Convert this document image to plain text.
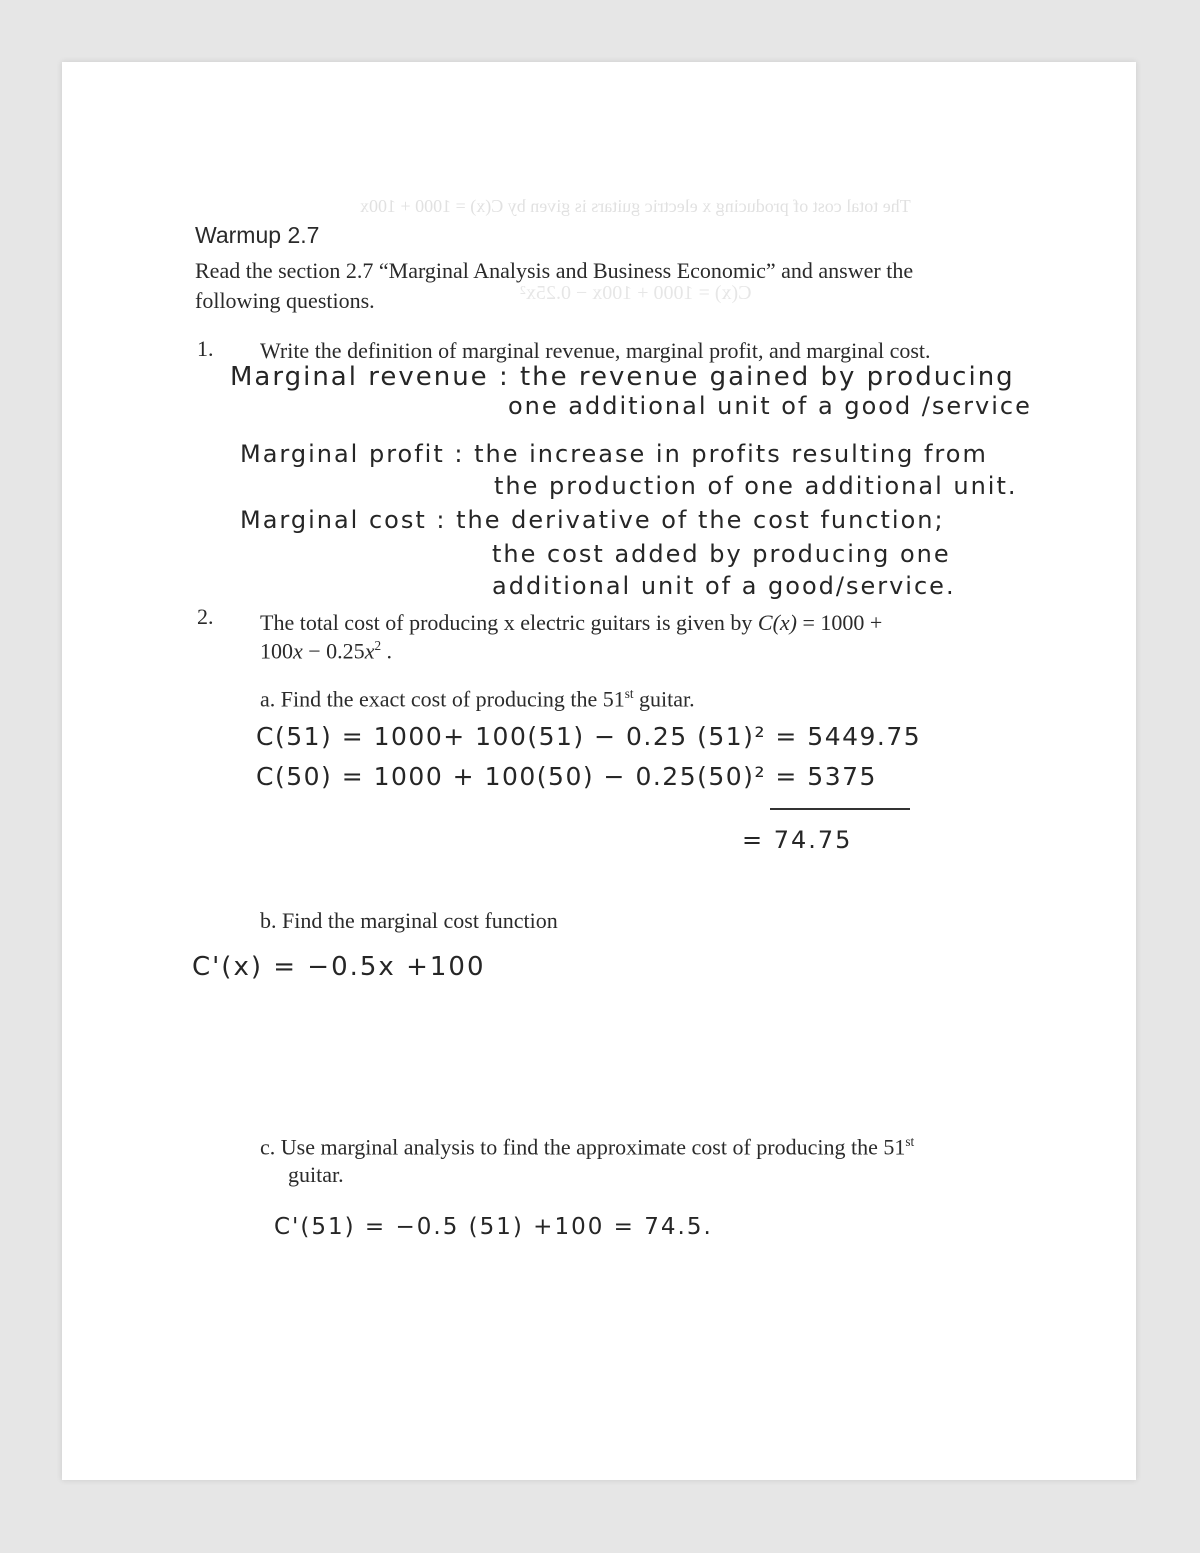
The total cost of producing x electric guitars is given by C(x) = 1000 + 100x
C(x) = 1000 + 100x − 0.25x²
Warmup 2.7
Read the section 2.7 “Marginal Analysis and Business Economic” and answer the
following questions.
1. Write the definition of marginal revenue, marginal profit, and marginal cost.
Marginal revenue : the revenue gained by producing
one additional unit of a good /service
Marginal profit : the increase in profits resulting from
the production of one additional unit.
Marginal cost : the derivative of the cost function;
the cost added by producing one
additional unit of a good/service.
2. The total cost of producing x electric guitars is given by C(x) = 1000 +
$100x - 0.25x^2$ .
a. Find the exact cost of producing the 51st guitar.
C(51) = 1000+ 100(51) − 0.25 (51)² = 5449.75
C(50) = 1000 + 100(50) − 0.25(50)² = 5375
= 74.75
b. Find the marginal cost function
C'(x) = −0.5x +100
c. Use marginal analysis to find the approximate cost of producing the 51st
guitar.
C'(51) = −0.5 (51) +100 = 74.5.
